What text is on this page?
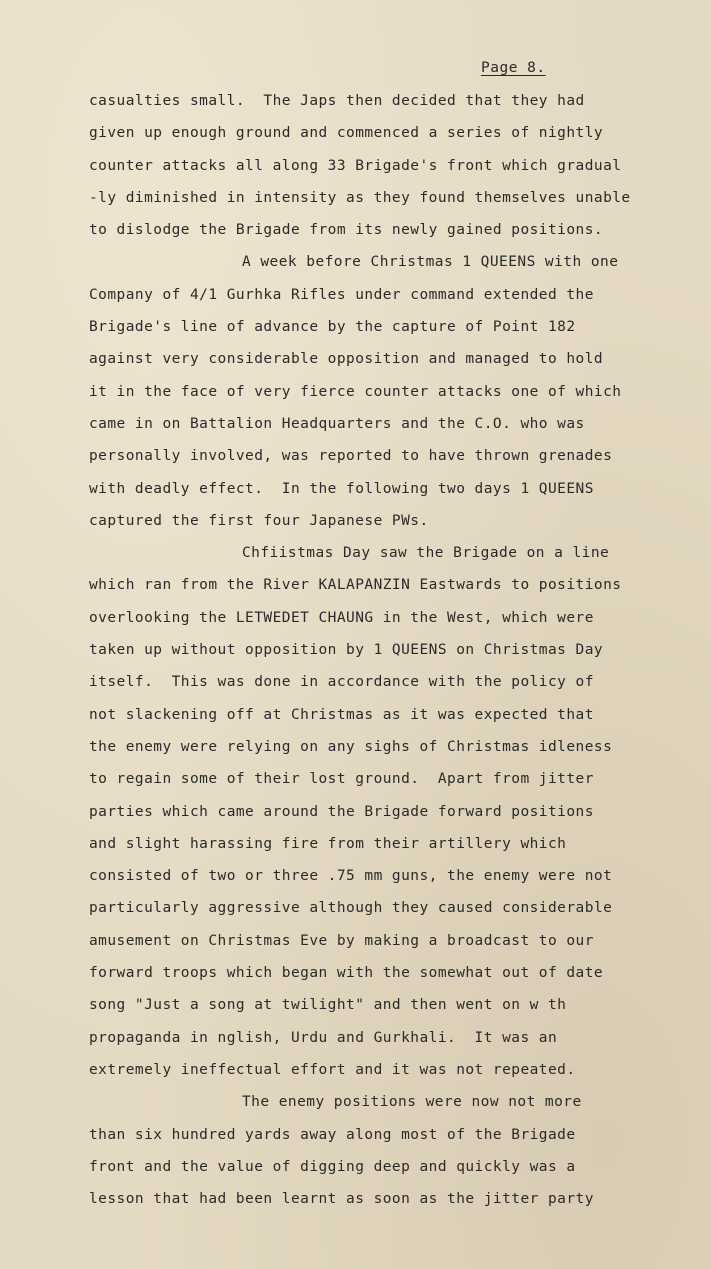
Page 8.
casualties small.  The Japs then decided that they had
given up enough ground and commenced a series of nightly
counter attacks all along 33 Brigade's front which gradual
-ly diminished in intensity as they found themselves unable
to dislodge the Brigade from its newly gained positions.
A week before Christmas 1 QUEENS with one
Company of 4/1 Gurhka Rifles under command extended the
Brigade's line of advance by the capture of Point 182
against very considerable opposition and managed to hold
it in the face of very fierce counter attacks one of which
came in on Battalion Headquarters and the C.O. who was
personally involved, was reported to have thrown grenades
with deadly effect.  In the following two days 1 QUEENS
captured the first four Japanese PWs.
Chfiistmas Day saw the Brigade on a line
which ran from the River KALAPANZIN Eastwards to positions
overlooking the LETWEDET CHAUNG in the West, which were
taken up without opposition by 1 QUEENS on Christmas Day
itself.  This was done in accordance with the policy of
not slackening off at Christmas as it was expected that
the enemy were relying on any sighs of Christmas idleness
to regain some of their lost ground.  Apart from jitter
parties which came around the Brigade forward positions
and slight harassing fire from their artillery which
consisted of two or three .75 mm guns, the enemy were not
particularly aggressive although they caused considerable
amusement on Christmas Eve by making a broadcast to our
forward troops which began with the somewhat out of date
song "Just a song at twilight" and then went on w th
propaganda in nglish, Urdu and Gurkhali.  It was an
extremely ineffectual effort and it was not repeated.
The enemy positions were now not more
than six hundred yards away along most of the Brigade
front and the value of digging deep and quickly was a
lesson that had been learnt as soon as the jitter party
